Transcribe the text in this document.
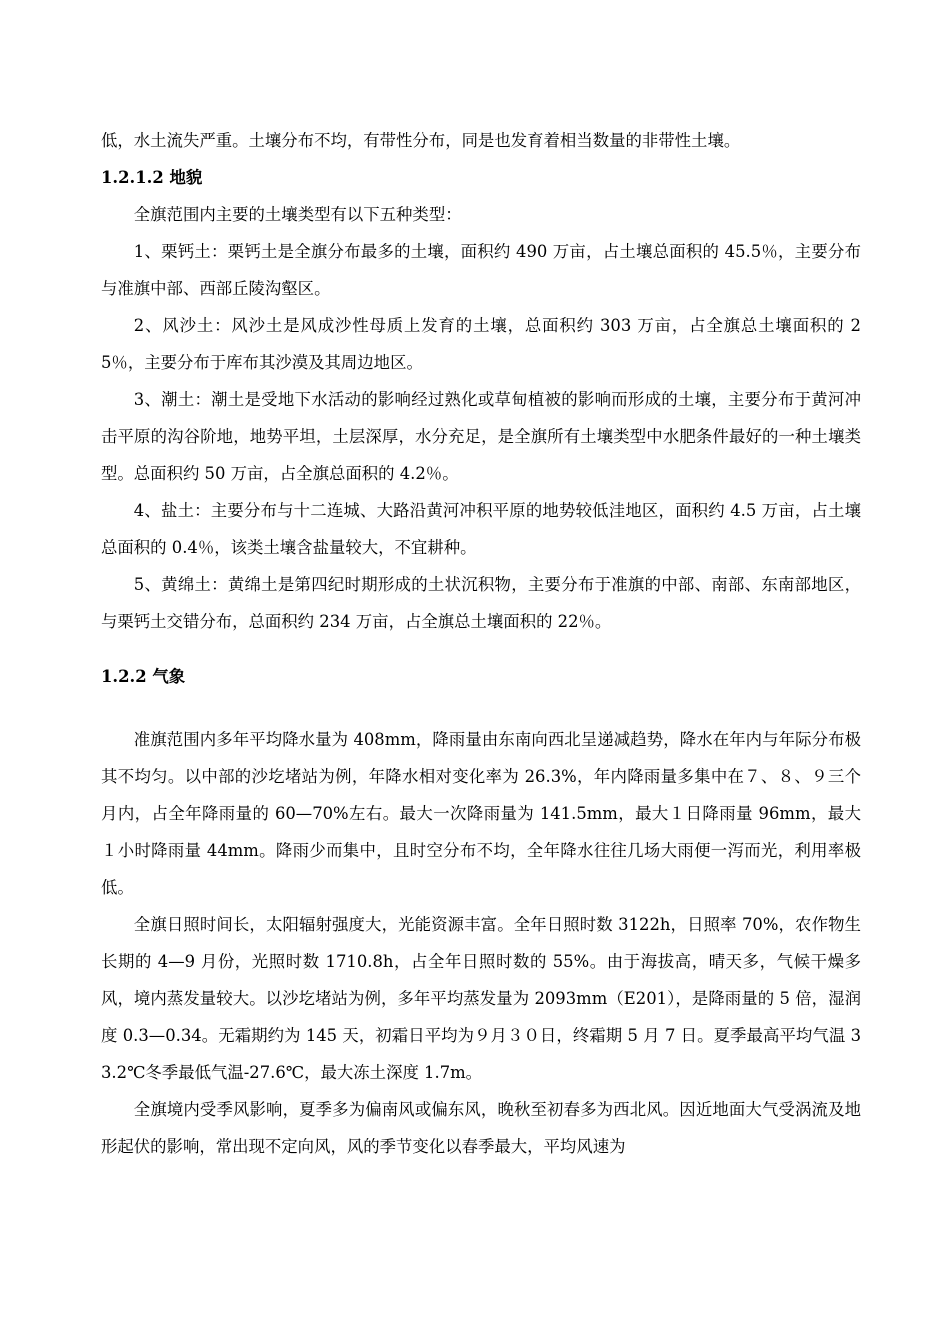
低，水土流失严重。土壤分布不均，有带性分布，同是也发育着相当数量的非带性土壤。

1.2.1.2 地貌

全旗范围内主要的土壤类型有以下五种类型：

1、栗钙土：栗钙土是全旗分布最多的土壤，面积约 490 万亩，占土壤总面积的 45.5％，主要分布与准旗中部、西部丘陵沟壑区。

2、风沙土：风沙土是风成沙性母质上发育的土壤，总面积约 303 万亩，占全旗总土壤面积的 25％，主要分布于库布其沙漠及其周边地区。

3、潮土：潮土是受地下水活动的影响经过熟化或草甸植被的影响而形成的土壤，主要分布于黄河冲击平原的沟谷阶地，地势平坦，土层深厚，水分充足，是全旗所有土壤类型中水肥条件最好的一种土壤类型。总面积约 50 万亩，占全旗总面积的 4.2％。

4、盐土：主要分布与十二连城、大路沿黄河冲积平原的地势较低洼地区，面积约 4.5 万亩，占土壤总面积的 0.4％，该类土壤含盐量较大，不宜耕种。

5、黄绵土：黄绵土是第四纪时期形成的土状沉积物，主要分布于准旗的中部、南部、东南部地区，与栗钙土交错分布，总面积约 234 万亩，占全旗总土壤面积的 22％。

1.2.2 气象

准旗范围内多年平均降水量为 408mm，降雨量由东南向西北呈递减趋势，降水在年内与年际分布极其不均匀。以中部的沙圪堵站为例，年降水相对变化率为 26.3%，年内降雨量多集中在７、８、９三个月内，占全年降雨量的 60—70%左右。最大一次降雨量为 141.5mm，最大１日降雨量 96mm，最大１小时降雨量 44mm。降雨少而集中，且时空分布不均，全年降水往往几场大雨便一泻而光，利用率极低。

全旗日照时间长，太阳辐射强度大，光能资源丰富。全年日照时数 3122h，日照率 70%，农作物生长期的 4—9 月份，光照时数 1710.8h，占全年日照时数的 55%。由于海拔高，晴天多，气候干燥多风，境内蒸发量较大。以沙圪堵站为例，多年平均蒸发量为 2093mm（E201），是降雨量的 5 倍，湿润度 0.3—0.34。无霜期约为 145 天，初霜日平均为９月３０日，终霜期 5 月 7 日。夏季最高平均气温 33.2℃冬季最低气温-27.6℃，最大冻土深度 1.7m。

全旗境内受季风影响，夏季多为偏南风或偏东风，晚秋至初春多为西北风。因近地面大气受涡流及地形起伏的影响，常出现不定向风，风的季节变化以春季最大，平均风速为
